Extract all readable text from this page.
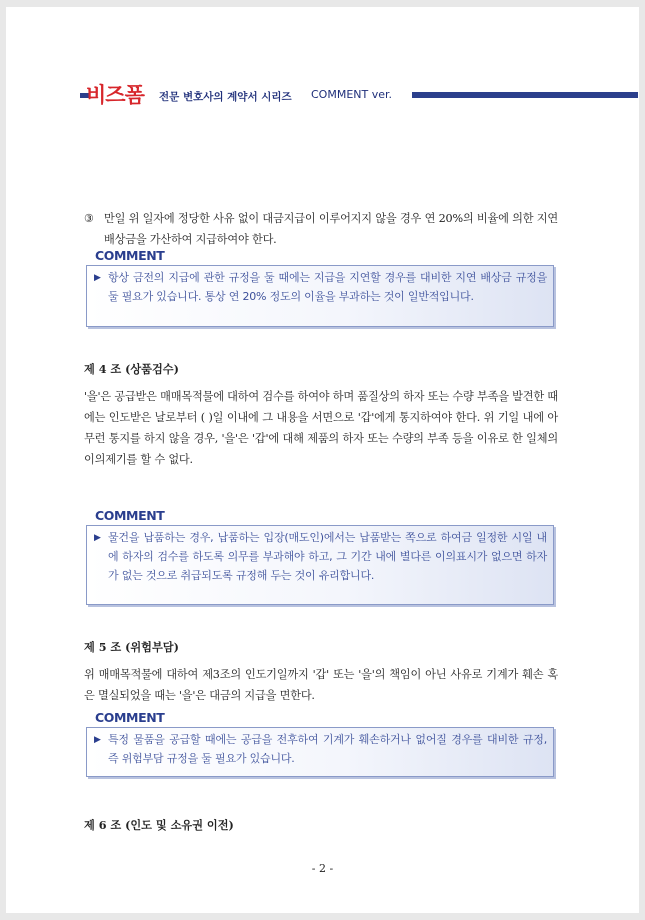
비즈폼 전문 변호사의 계약서 시리즈 COMMENT ver.
③ 만일 위 일자에 정당한 사유 없이 대금지급이 이루어지지 않을 경우 연 20%의 비율에 의한 지연배상금을 가산하여 지급하여야 한다.
COMMENT
▶ 항상 금전의 지급에 관한 규정을 둘 때에는 지급을 지연할 경우를 대비한 지연 배상금 규정을 둘 필요가 있습니다. 통상 연 20% 정도의 이율을 부과하는 것이 일반적입니다.
제 4 조 (상품검수)
'을'은 공급받은 매매목적물에 대하여 검수를 하여야 하며 품질상의 하자 또는 수량 부족을 발견한 때에는 인도받은 날로부터 ( )일 이내에 그 내용을 서면으로 '갑'에게 통지하여야 한다. 위 기일 내에 아무런 통지를 하지 않을 경우, '을'은 '갑'에 대해 제품의 하자 또는 수량의 부족 등을 이유로 한 일체의 이의제기를 할 수 없다.
COMMENT
▶ 물건을 납품하는 경우, 납품하는 입장(매도인)에서는 납품받는 쪽으로 하여금 일정한 시일 내에 하자의 검수를 하도록 의무를 부과해야 하고, 그 기간 내에 별다른 이의표시가 없으면 하자가 없는 것으로 취급되도록 규정해 두는 것이 유리합니다.
제 5 조 (위험부담)
위 매매목적물에 대하여 제3조의 인도기일까지 '갑' 또는 '을'의 책임이 아닌 사유로 기계가 훼손 혹은 멸실되었을 때는 '을'은 대금의 지급을 면한다.
COMMENT
▶ 특정 물품을 공급할 때에는 공급을 전후하여 기계가 훼손하거나 없어질 경우를 대비한 규정, 즉 위험부담 규정을 둘 필요가 있습니다.
제 6 조 (인도 및 소유권 이전)
- 2 -
